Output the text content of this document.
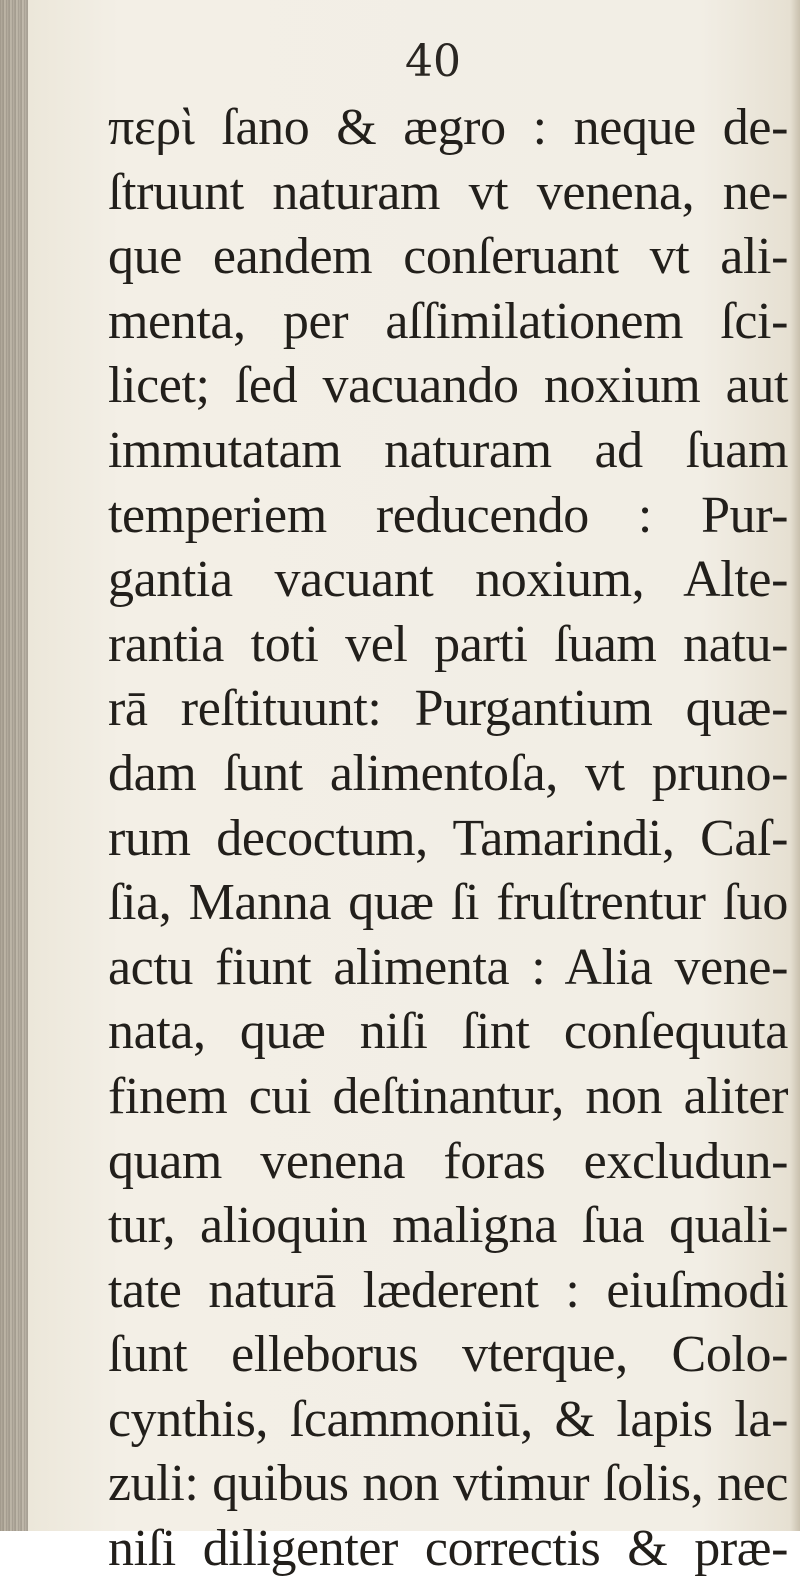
40
περὶ ſano & ægro : neque de-
ſtruunt naturam vt venena, ne-
que eandem conſeruant vt ali-
menta, per aſſimilationem ſci-
licet; ſed vacuando noxium aut
immutatam naturam ad ſuam
temperiem reducendo : Pur-
gantia vacuant noxium, Alte-
rantia toti vel parti ſuam natu-
rā reſtituunt: Purgantium quæ-
dam ſunt alimentoſa, vt pruno-
rum decoctum, Tamarindi, Caſ-
ſia, Manna quæ ſi fruſtrentur ſuo
actu fiunt alimenta : Alia vene-
nata, quæ niſi ſint conſequuta
finem cui deſtinantur, non aliter
quam venena foras excludun-
tur, alioquin maligna ſua quali-
tate naturā læderent : eiuſmodi
ſunt elleborus vterque, Colo-
cynthis, ſcammoniū, & lapis la-
zuli: quibus non vtimur ſolis, nec
niſi diligenter correctis & præ-
